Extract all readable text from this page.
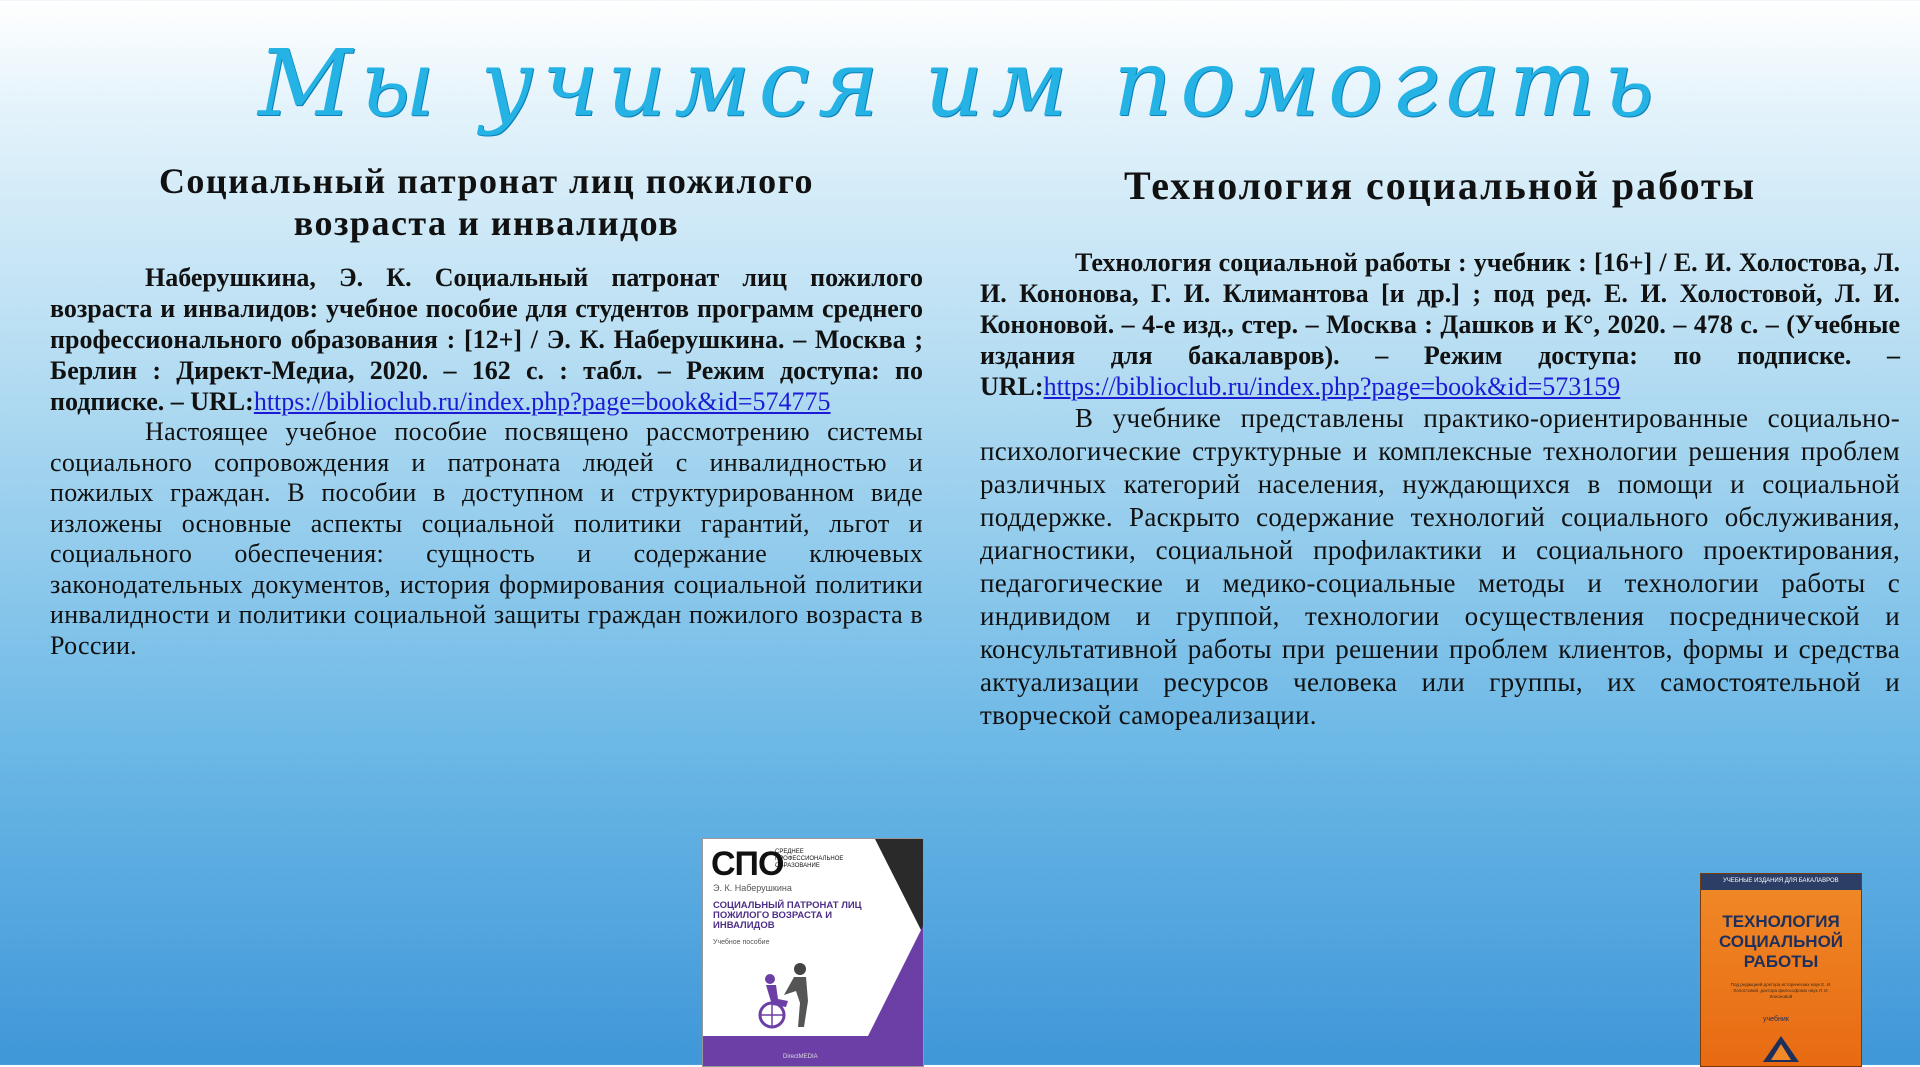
Мы учимся им помогать
Социальный патронат лиц пожилого
возраста и инвалидов

Наберушкина, Э. К. Социальный патронат лиц пожилого возраста и инвалидов: учебное пособие для студентов программ среднего профессионального образования : [12+] / Э. К. Наберушкина. – Москва ; Берлин : Директ-Медиа, 2020. – 162 с. : табл. – Режим доступа: по подписке. – URL:https://biblioclub.ru/index.php?page=book&id=574775

Настоящее учебное пособие посвящено рассмотрению системы социального сопровождения и патроната людей с инвалидностью и пожилых граждан. В пособии в доступном и структурированном виде изложены основные аспекты социальной политики гарантий, льгот и социального обеспечения: сущность и содержание ключевых законодательных документов, история формирования социальной политики инвалидности и политики социальной защиты граждан пожилого возраста в России.

СПО
СРЕДНЕЕ ПРОФЕССИОНАЛЬНОЕ ОБРАЗОВАНИЕ
Э. К. Наберушкина
СОЦИАЛЬНЫЙ ПАТРОНАТ ЛИЦ ПОЖИЛОГО ВОЗРАСТА И ИНВАЛИДОВ
Учебное пособие
DirectMEDIA
Технология социальной работы

Технология социальной работы : учебник : [16+] / Е. И. Холостова, Л. И. Кононова, Г. И. Климантова [и др.] ; под ред. Е. И. Холостовой, Л. И. Кононовой. – 4-е изд., стер. – Москва : Дашков и К°, 2020. – 478 с. – (Учебные издания для бакалавров). – Режим доступа: по подписке. – URL:https://biblioclub.ru/index.php?page=book&id=573159

В учебнике представлены практико-ориентированные социально-психологические структурные и комплексные технологии решения проблем различных категорий населения, нуждающихся в помощи и социальной поддержке. Раскрыто содержание технологий социального обслуживания, диагностики, социальной профилактики и социального проектирования, педагогические и медико-социальные методы и технологии работы с индивидом и группой, технологии осуществления посреднической и консультативной работы при решении проблем клиентов, формы и средства актуализации ресурсов человека или группы, их самостоятельной и творческой самореализации.

УЧЕБНЫЕ ИЗДАНИЯ ДЛЯ БАКАЛАВРОВ
ТЕХНОЛОГИЯ
СОЦИАЛЬНОЙ
РАБОТЫ
Под редакцией доктора исторических наук Е. И. Холостовой, доктора философских наук Л. И. Кононовой
учебник
